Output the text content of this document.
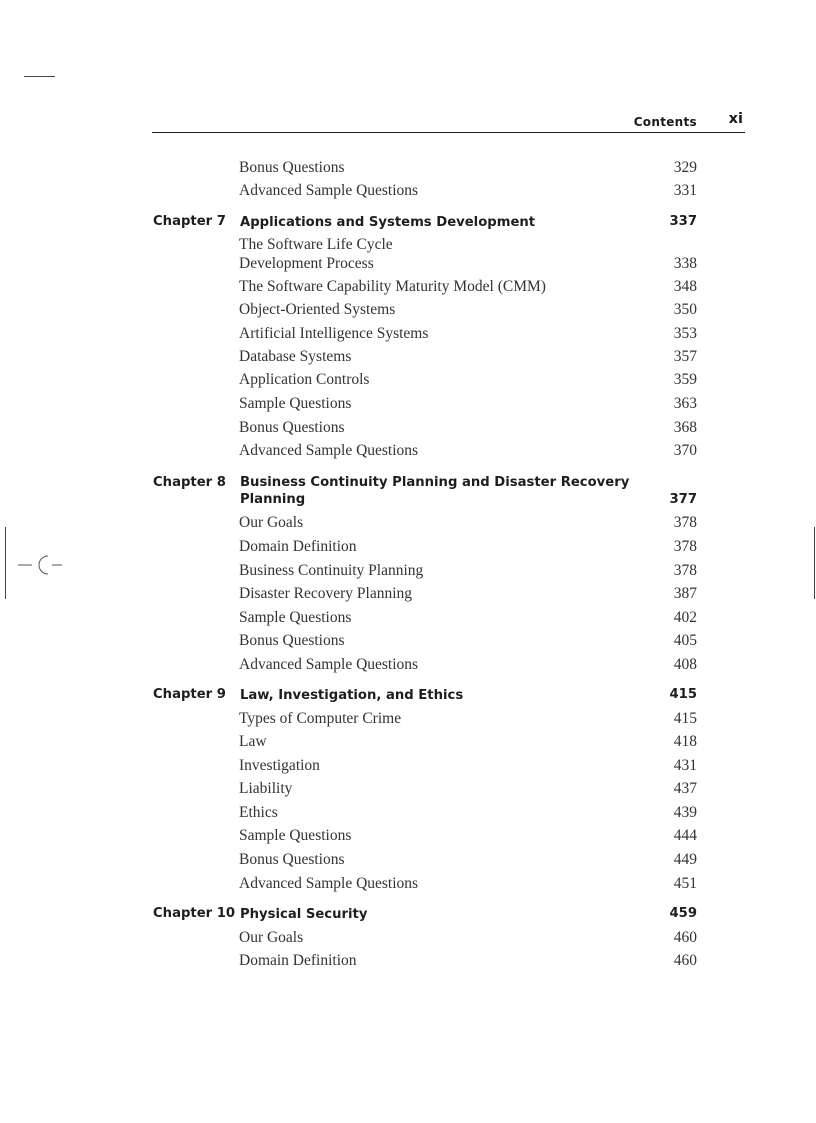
Contents xi
Bonus Questions	329
Advanced Sample Questions	331
Chapter 7 Applications and Systems Development	337
The Software Life Cycle
Development Process	338
The Software Capability Maturity Model (CMM)	348
Object-Oriented Systems	350
Artificial Intelligence Systems	353
Database Systems	357
Application Controls	359
Sample Questions	363
Bonus Questions	368
Advanced Sample Questions	370
Chapter 8 Business Continuity Planning and Disaster Recovery
Planning	377
Our Goals	378
Domain Definition	378
Business Continuity Planning	378
Disaster Recovery Planning	387
Sample Questions	402
Bonus Questions	405
Advanced Sample Questions	408
Chapter 9 Law, Investigation, and Ethics	415
Types of Computer Crime	415
Law	418
Investigation	431
Liability	437
Ethics	439
Sample Questions	444
Bonus Questions	449
Advanced Sample Questions	451
Chapter 10 Physical Security	459
Our Goals	460
Domain Definition	460
